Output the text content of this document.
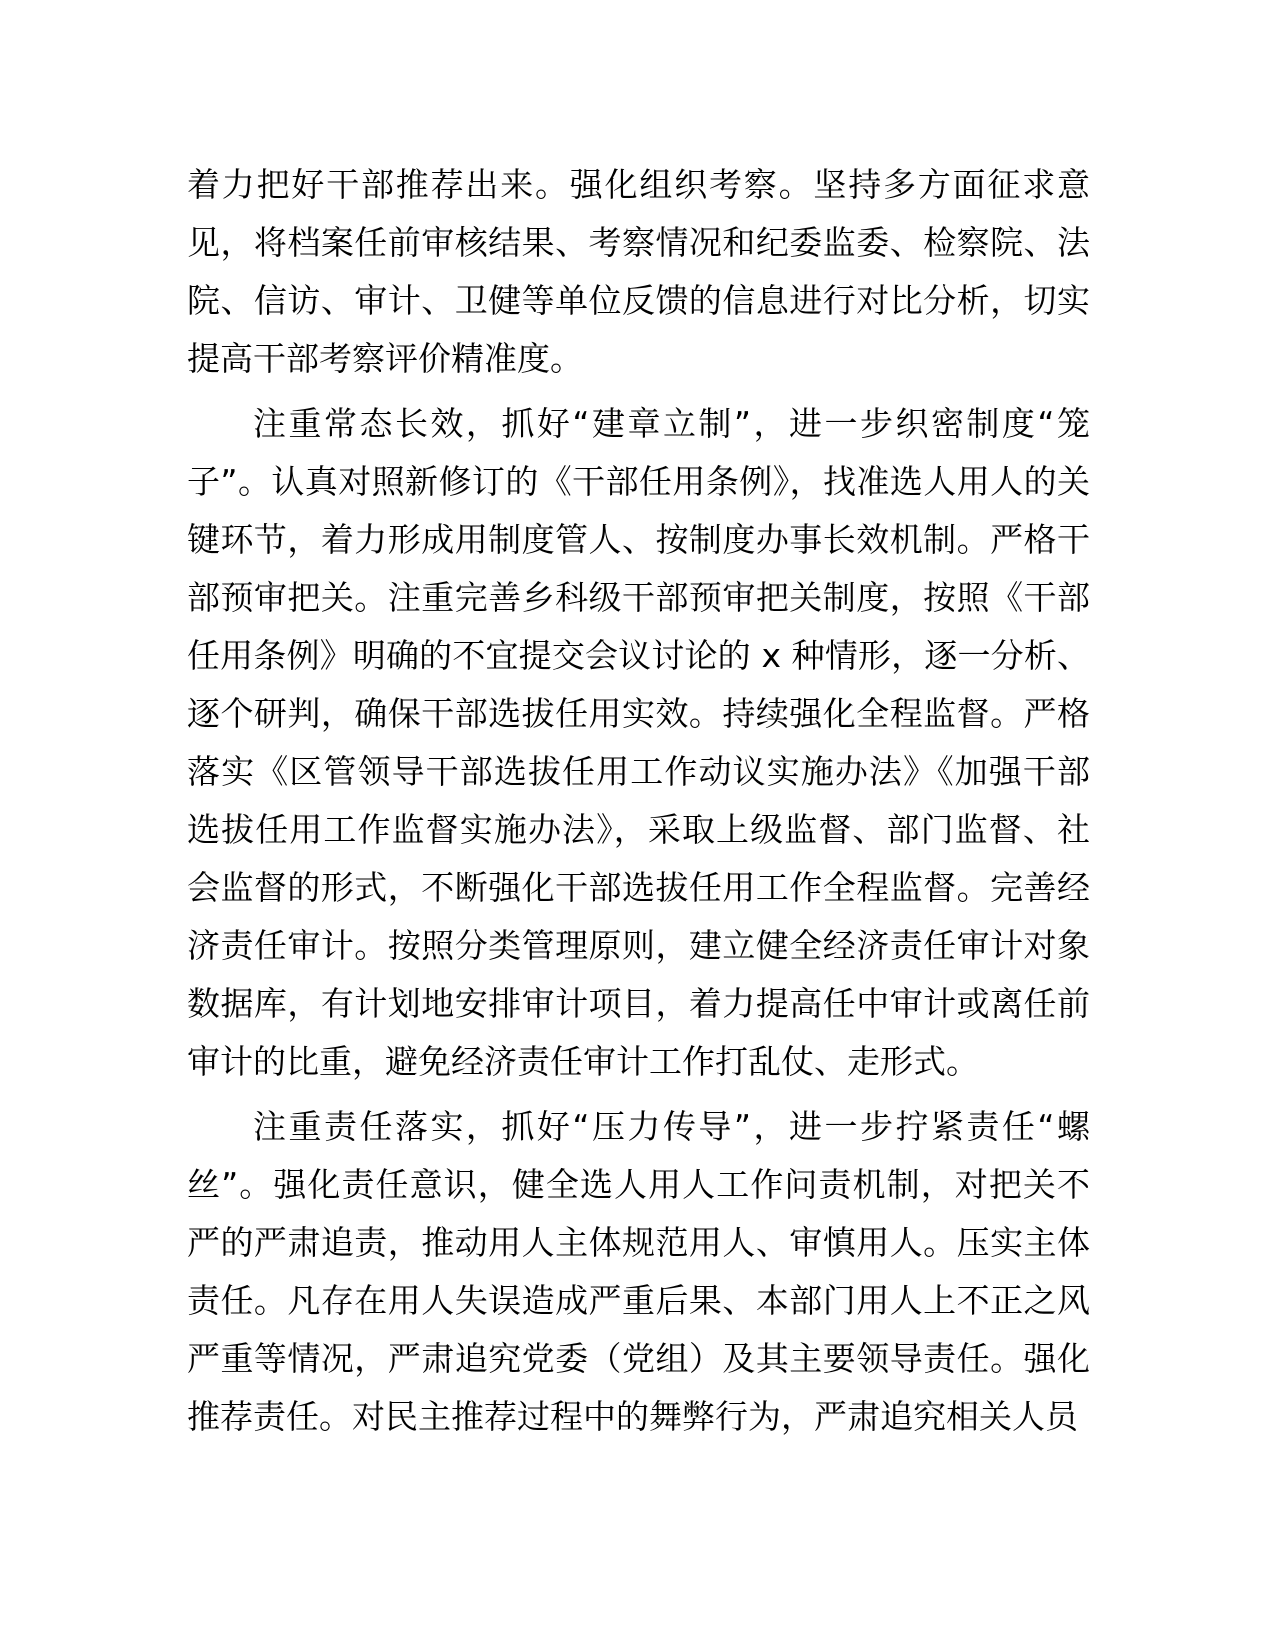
着力把好干部推荐出来。强化组织考察。坚持多方面征求意见，将档案任前审核结果、考察情况和纪委监委、检察院、法院、信访、审计、卫健等单位反馈的信息进行对比分析，切实提高干部考察评价精准度。

注重常态长效，抓好“建章立制”，进一步织密制度“笼子”。认真对照新修订的《干部任用条例》，找准选人用人的关键环节，着力形成用制度管人、按制度办事长效机制。严格干部预审把关。注重完善乡科级干部预审把关制度，按照《干部任用条例》明确的不宜提交会议讨论的 x 种情形，逐一分析、逐个研判，确保干部选拔任用实效。持续强化全程监督。严格落实《区管领导干部选拔任用工作动议实施办法》《加强干部选拔任用工作监督实施办法》，采取上级监督、部门监督、社会监督的形式，不断强化干部选拔任用工作全程监督。完善经济责任审计。按照分类管理原则，建立健全经济责任审计对象数据库，有计划地安排审计项目，着力提高任中审计或离任前审计的比重，避免经济责任审计工作打乱仗、走形式。

注重责任落实，抓好“压力传导”，进一步拧紧责任“螺丝”。强化责任意识，健全选人用人工作问责机制，对把关不严的严肃追责，推动用人主体规范用人、审慎用人。压实主体责任。凡存在用人失误造成严重后果、本部门用人上不正之风严重等情况，严肃追究党委（党组）及其主要领导责任。强化推荐责任。对民主推荐过程中的舞弊行为，严肃追究相关人员
